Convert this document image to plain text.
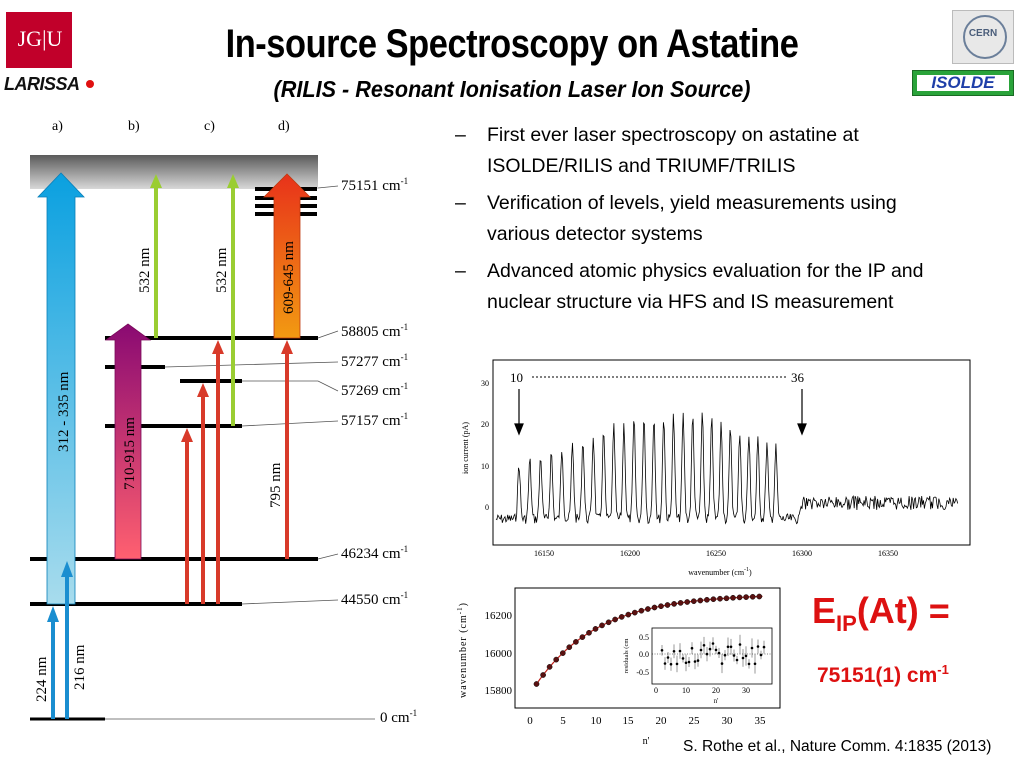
JG|U
LARISSA
CERN
ISOLDE
In-source Spectroscopy on Astatine
(RILIS - Resonant Ionisation Laser Ion Source)
a)	b)	c)	d)
312 - 335 nm
710-915 nm
532 nm	532 nm	609-645 nm
795 nm
224 nm 216 nm
75151 $cm^{-1}$
58805 $cm^{-1}$
57277 $cm^{-1}$
57269 $cm^{-1}$
57157 $cm^{-1}$
46234 $cm^{-1}$
44550 $cm^{-1}$
0 $cm^{-1}$
– First ever laser spectroscopy on astatine at
ISOLDE/RILIS and TRIUMF/TRILIS
– Verification of levels, yield measurements using
various detector systems
– Advanced atomic physics evaluation for the IP and
nuclear structure via HFS and IS measurement
16150	16200	16250	16300	16350
0
10
20
30
wavenumber $(cm^{-1})$
ion current (pA)
10	36
0	5 10 15 20 25 30 35
15800
16000
16200
n'
wavenumber $(cm^{-1})$
0.5
0.0
-0.5
0	10	20	30
n'
residuals (cm
$E_{IP}(At)$ =
75151(1) $cm^{-1}$
S. Rothe et al., Nature Comm. 4:1835 (2013)
